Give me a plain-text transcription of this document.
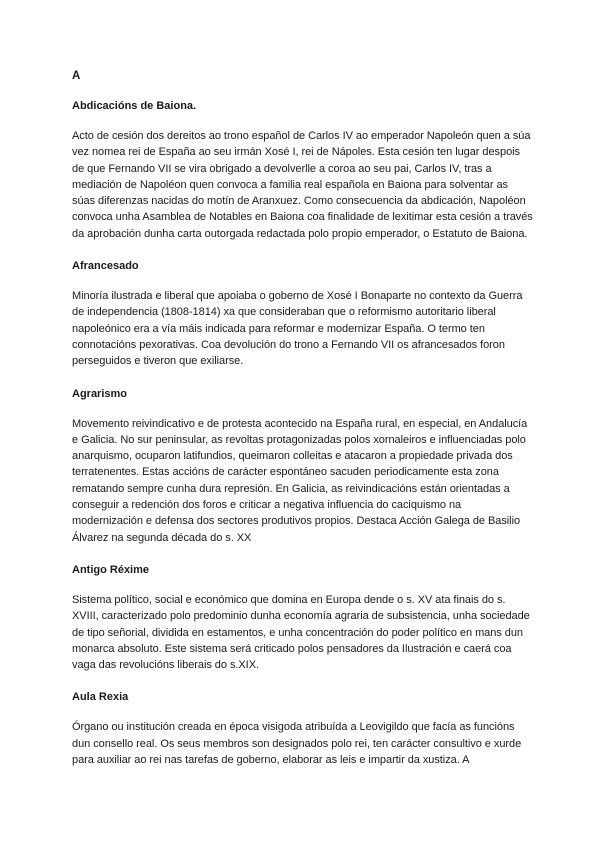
A
Abdicacións de Baiona.
Acto de cesión dos dereitos ao trono español de Carlos IV ao emperador Napoleón quen a súa vez nomea rei de España ao seu irmán Xosé I, rei de Nápoles. Esta cesión ten lugar despois de que Fernando VII se vira obrigado a devolverlle a coroa ao seu pai, Carlos IV, tras a mediación de Napoléon quen convoca a familia real española en Baiona para solventar as súas diferenzas nacidas do motín de Aranxuez. Como consecuencia da abdicación, Napoléon convoca unha Asamblea de Notables en Baiona coa finalidade de lexitimar esta cesión a través da aprobación dunha carta outorgada redactada polo propio emperador, o Estatuto de Baiona.
Afrancesado
Minoría ilustrada e liberal que apoiaba o goberno de Xosé I Bonaparte no contexto da Guerra de independencia (1808-1814) xa que consideraban que o reformismo autoritario liberal napoleónico era a vía máis indicada para reformar e modernizar España. O termo ten connotacións pexorativas. Coa devolución do trono a Fernando VII os afrancesados foron perseguidos e tiveron que exiliarse.
Agrarismo
Movemento reivindicativo e de protesta acontecido na España rural, en especial, en Andalucía e Galicia. No sur peninsular, as revoltas protagonizadas polos xornaleiros e influenciadas polo anarquismo, ocuparon latifundios, queimaron colleitas e atacaron a propiedade privada dos terratenentes. Estas accións de carácter espontáneo sacuden periodicamente esta zona rematando sempre cunha dura represión. En Galicia, as reivindicacións están orientadas a conseguir a redención dos foros e criticar a negativa influencia do caciquismo na modernización e defensa dos sectores produtivos propios. Destaca Acción Galega de Basilio Álvarez na segunda década do s. XX
Antigo Réxime
Sistema político, social e económico que domina en Europa dende o s. XV ata finais do s. XVIII, caracterizado polo predominio dunha economía agraria de subsistencia, unha sociedade de tipo señorial, dividida en estamentos, e unha concentración do poder político en mans dun monarca absoluto. Este sistema será criticado polos pensadores da Ilustración e caerá coa vaga das revolucións liberais do s.XIX.
Aula Rexia
Órgano ou institución creada en época visigoda atribuída a Leovigildo que facía as funcións dun consello real. Os seus membros son designados polo rei, ten carácter consultivo e xurde para auxiliar ao rei nas tarefas de goberno, elaborar as leis e impartir da xustiza. A
